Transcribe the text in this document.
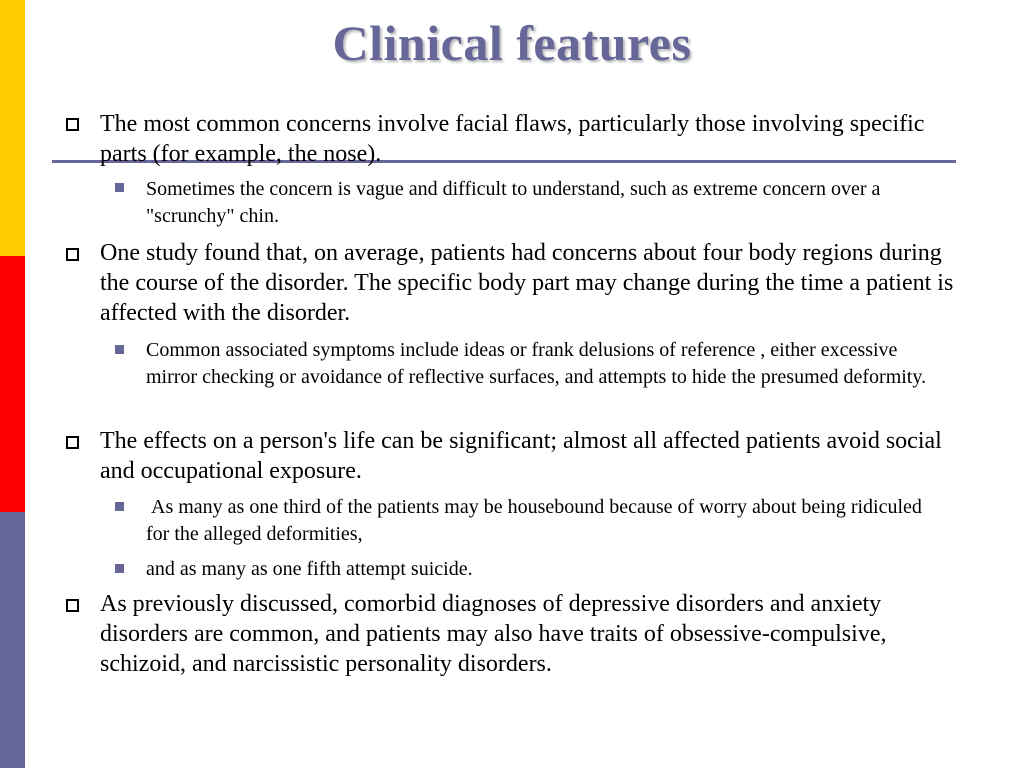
Clinical features
The most common concerns involve facial flaws, particularly those involving specific parts (for example, the nose).
Sometimes the concern is vague and difficult to understand, such as extreme concern over a "scrunchy" chin.
One study found that, on average, patients had concerns about four body regions during the course of the disorder. The specific body part may change during the time a patient is affected with the disorder.
Common associated symptoms include ideas or frank delusions of reference , either excessive mirror checking or avoidance of reflective surfaces, and attempts to hide the presumed deformity.
The effects on a person's life can be significant; almost all affected patients avoid social and occupational exposure.
As many as one third of the patients may be housebound because of worry about being ridiculed for the alleged deformities,
and as many as one fifth attempt suicide.
As previously discussed, comorbid diagnoses of depressive disorders and anxiety disorders are common, and patients may also have traits of obsessive-compulsive, schizoid, and narcissistic personality disorders.
